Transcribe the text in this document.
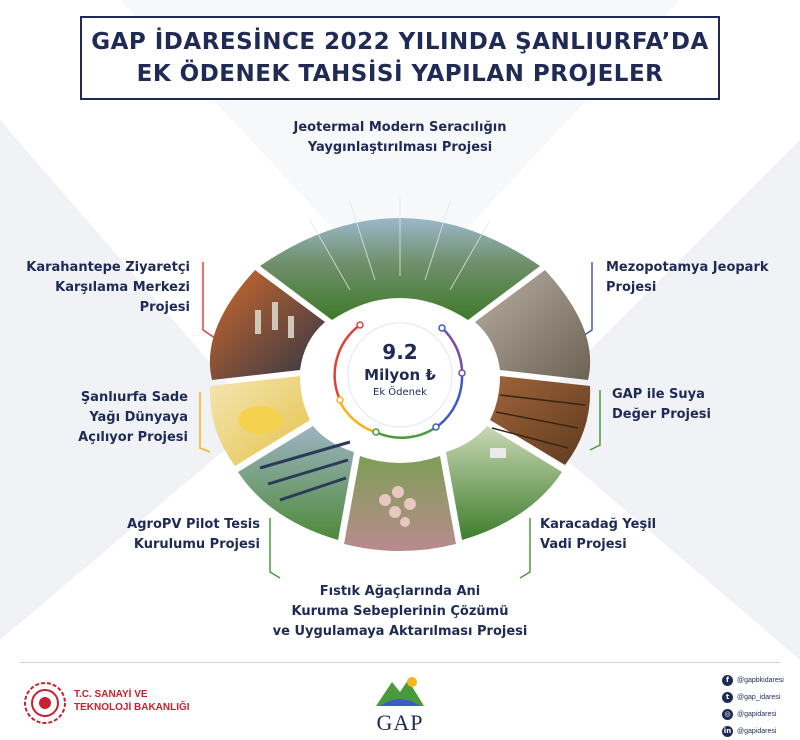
GAP İDARESİNCE 2022 YILINDA ŞANLIURFA’DA
EK ÖDENEK TAHSİSİ YAPILAN PROJELER
Jeotermal Modern Seracılığın
Yaygınlaştırılması Projesi
Mezopotamya Jeopark
Projesi
GAP ile Suya
Değer Projesi
Karacadağ Yeşil
Vadi Projesi
Fıstık Ağaçlarında Ani
Kuruma Sebeplerinin Çözümü
ve Uygulamaya Aktarılması Projesi
AgroPV Pilot Tesis
Kurulumu Projesi
Şanlıurfa Sade
Yağı Dünyaya
Açılıyor Projesi
Karahantepe Ziyaretçi
Karşılama Merkezi
Projesi
9.2
Milyon ₺
Ek Ödenek
T.C. SANAYİ VE
TEKNOLOJİ BAKANLIĞI
GAP
f	@gapbkidaresi
t	@gap_idaresi
◎ @gapidaresi
in @gapidaresi
